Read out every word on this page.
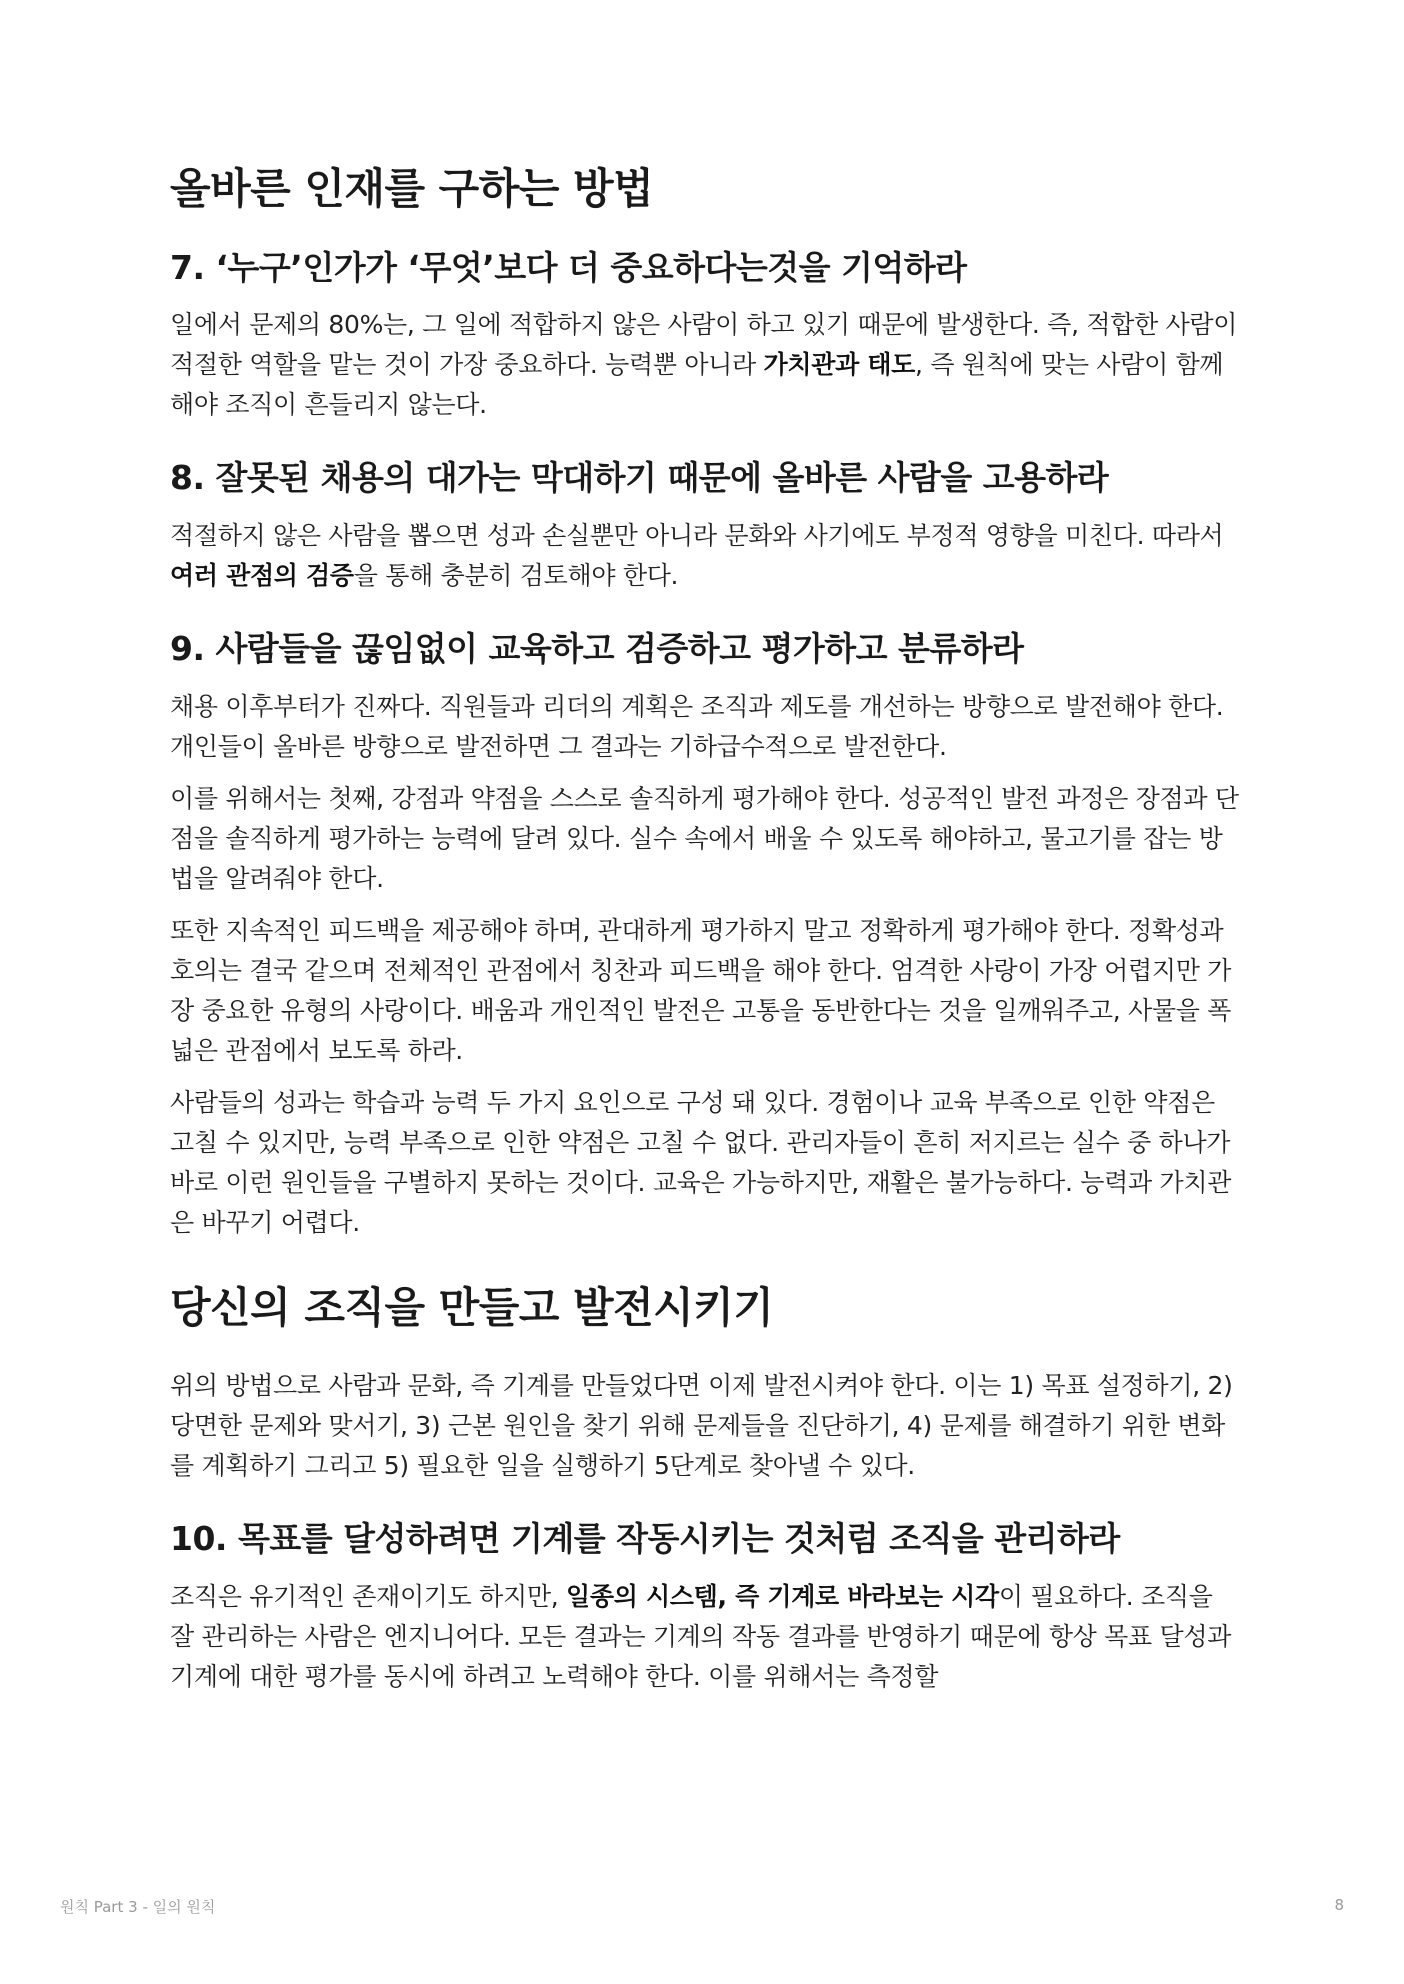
올바른 인재를 구하는 방법
7. ‘누구’인가가 ‘무엇’보다 더 중요하다는것을 기억하라

일에서 문제의 80%는, 그 일에 적합하지 않은 사람이 하고 있기 때문에 발생한다. 즉, 적합한 사람이 적절한 역할을 맡는 것이 가장 중요하다. 능력뿐 아니라 가치관과 태도, 즉 원칙에 맞는 사람이 함께해야 조직이 흔들리지 않는다.

8. 잘못된 채용의 대가는 막대하기 때문에 올바른 사람을 고용하라

적절하지 않은 사람을 뽑으면 성과 손실뿐만 아니라 문화와 사기에도 부정적 영향을 미친다. 따라서 여러 관점의 검증을 통해 충분히 검토해야 한다.

9. 사람들을 끊임없이 교육하고 검증하고 평가하고 분류하라

채용 이후부터가 진짜다. 직원들과 리더의 계획은 조직과 제도를 개선하는 방향으로 발전해야 한다. 개인들이 올바른 방향으로 발전하면 그 결과는 기하급수적으로 발전한다.

이를 위해서는 첫째, 강점과 약점을 스스로 솔직하게 평가해야 한다. 성공적인 발전 과정은 장점과 단점을 솔직하게 평가하는 능력에 달려 있다. 실수 속에서 배울 수 있도록 해야하고, 물고기를 잡는 방법을 알려줘야 한다.

또한 지속적인 피드백을 제공해야 하며, 관대하게 평가하지 말고 정확하게 평가해야 한다. 정확성과 호의는 결국 같으며 전체적인 관점에서 칭찬과 피드백을 해야 한다. 엄격한 사랑이 가장 어렵지만 가장 중요한 유형의 사랑이다. 배움과 개인적인 발전은 고통을 동반한다는 것을 일깨워주고, 사물을 폭넓은 관점에서 보도록 하라.

사람들의 성과는 학습과 능력 두 가지 요인으로 구성 돼 있다. 경험이나 교육 부족으로 인한 약점은 고칠 수 있지만, 능력 부족으로 인한 약점은 고칠 수 없다. 관리자들이 흔히 저지르는 실수 중 하나가 바로 이런 원인들을 구별하지 못하는 것이다. 교육은 가능하지만, 재활은 불가능하다. 능력과 가치관은 바꾸기 어렵다.

당신의 조직을 만들고 발전시키기

위의 방법으로 사람과 문화, 즉 기계를 만들었다면 이제 발전시켜야 한다. 이는 1) 목표 설정하기, 2) 당면한 문제와 맞서기, 3) 근본 원인을 찾기 위해 문제들을 진단하기, 4) 문제를 해결하기 위한 변화를 계획하기 그리고 5) 필요한 일을 실행하기 5단계로 찾아낼 수 있다.

10. 목표를 달성하려면 기계를 작동시키는 것처럼 조직을 관리하라

조직은 유기적인 존재이기도 하지만, 일종의 시스템, 즉 기계로 바라보는 시각이 필요하다. 조직을 잘 관리하는 사람은 엔지니어다. 모든 결과는 기계의 작동 결과를 반영하기 때문에 항상 목표 달성과 기계에 대한 평가를 동시에 하려고 노력해야 한다. 이를 위해서는 측정할

원칙 Part 3 - 일의 원칙	8
